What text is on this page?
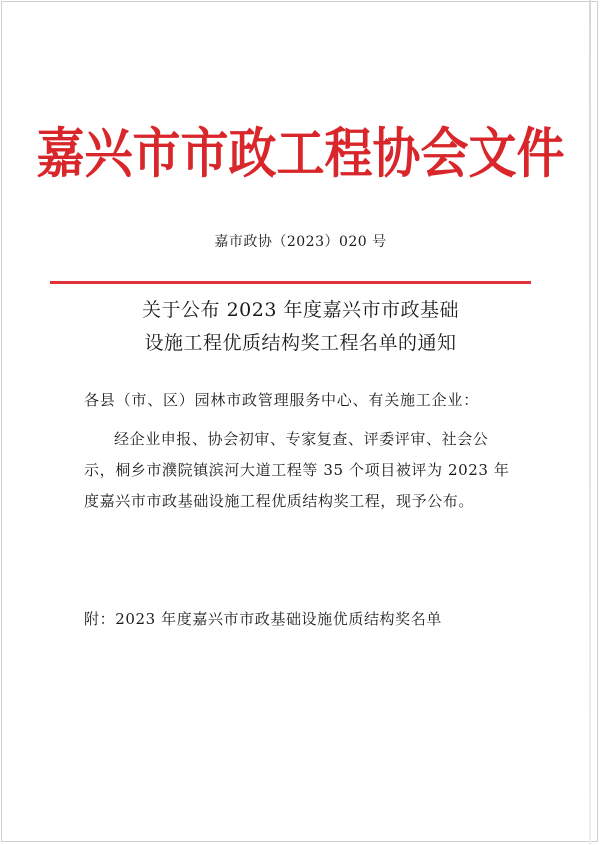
嘉兴市市政工程协会文件
嘉市政协（2023）020 号
关于公布 2023 年度嘉兴市市政基础
设施工程优质结构奖工程名单的通知
各县（市、区）园林市政管理服务中心、有关施工企业：
经企业申报、协会初审、专家复查、评委评审、社会公
示，桐乡市濮院镇滨河大道工程等 35 个项目被评为 2023 年
度嘉兴市市政基础设施工程优质结构奖工程，现予公布。
附：2023 年度嘉兴市市政基础设施优质结构奖名单
